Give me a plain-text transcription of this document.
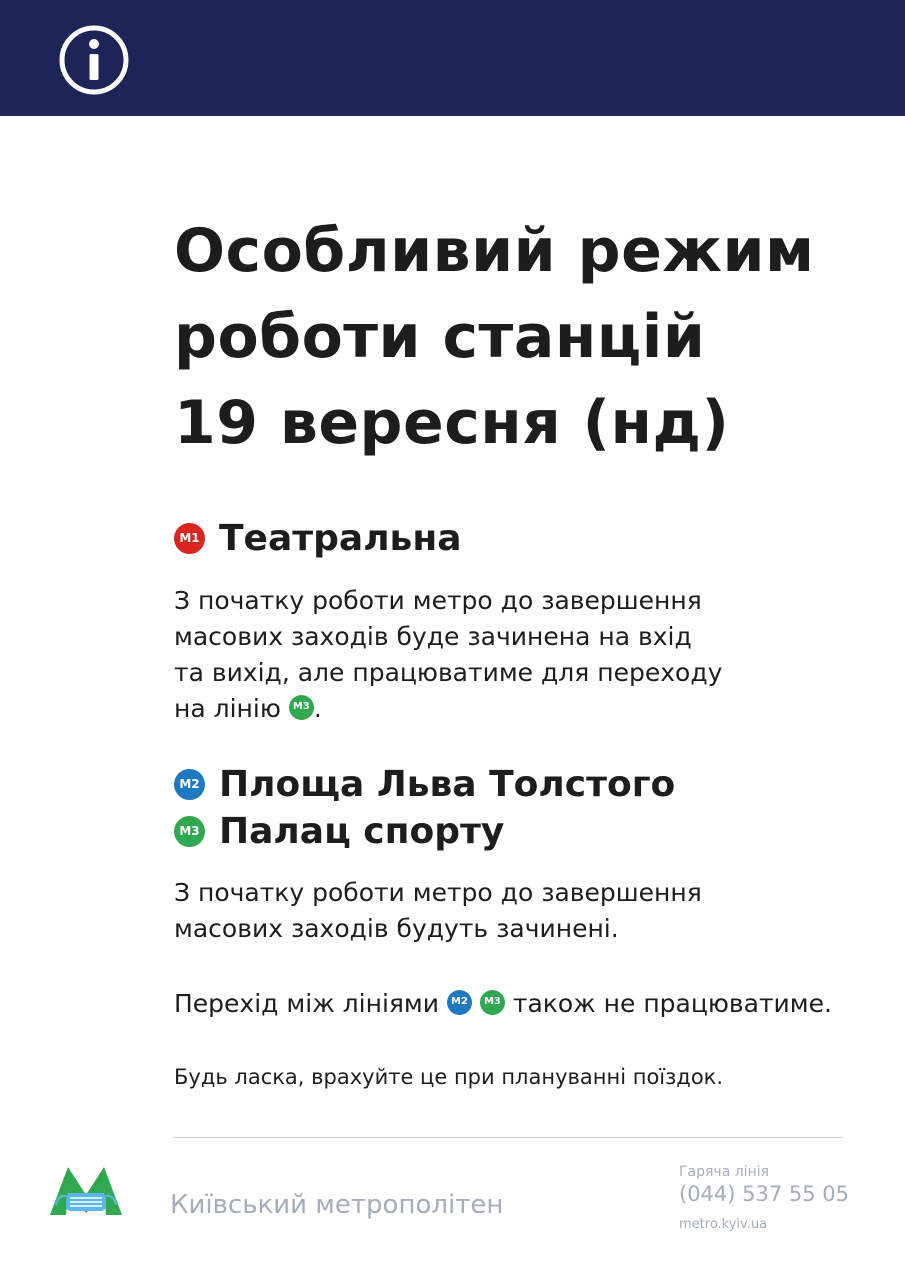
Особливий режим
роботи станцій
19 вересня (нд)
M1 Театральна
З початку роботи метро до завершення
масових заходів буде зачинена на вхід
та вихід, але працюватиме для переходу
на лінію M3 .
M2 Площа Льва Толстого
M3 Палац спорту
З початку роботи метро до завершення
масових заходів будуть зачинені.
Перехід між лініями M2 M3 також не працюватиме.
Будь ласка, врахуйте це при плануванні поїздок.
Київський метрополітен
Гаряча лінія
(044) 537 55 05
metro.kyiv.ua
